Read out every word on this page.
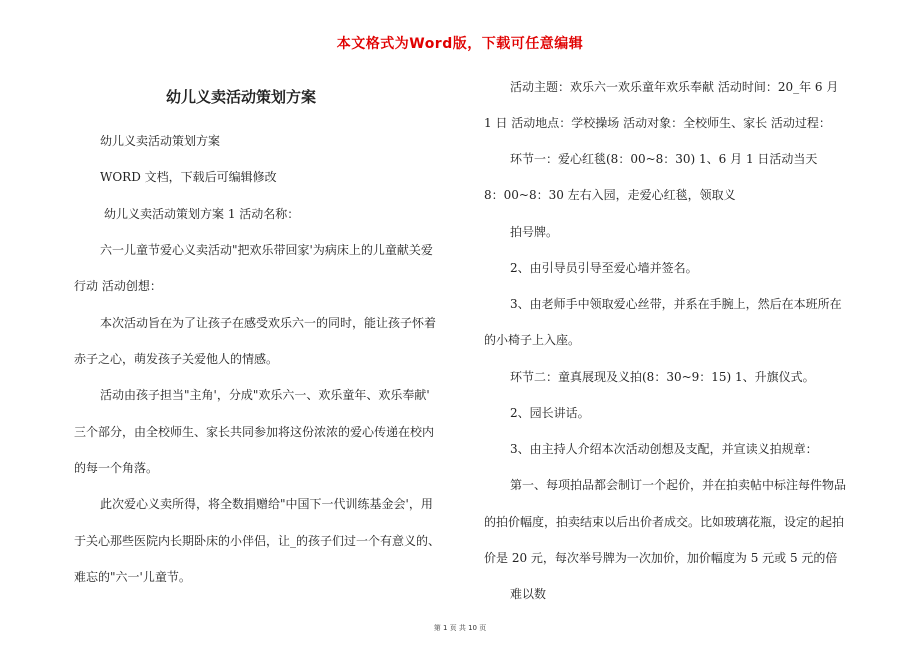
本文格式为Word版，下载可任意编辑
幼儿义卖活动策划方案
幼儿义卖活动策划方案
WORD 文档，下载后可编辑修改
幼儿义卖活动策划方案 1 活动名称：
六一儿童节爱心义卖活动"把欢乐带回家'为病床上的儿童献关爱
行动 活动创想：
本次活动旨在为了让孩子在感受欢乐六一的同时，能让孩子怀着
赤子之心，萌发孩子关爱他人的情感。
活动由孩子担当"主角'，分成"欢乐六一、欢乐童年、欢乐奉献'
三个部分，由全校师生、家长共同参加将这份浓浓的爱心传递在校内
的每一个角落。
此次爱心义卖所得，将全数捐赠给"中国下一代训练基金会'，用
于关心那些医院内长期卧床的小伴侣，让_的孩子们过一个有意义的、
难忘的"六一'儿童节。
活动主题：欢乐六一欢乐童年欢乐奉献 活动时间：20_年 6 月
1 日 活动地点：学校操场 活动对象：全校师生、家长 活动过程：
环节一：爱心红毯(8：00~8：30) 1、6 月 1 日活动当天
8：00~8：30 左右入园，走爱心红毯，领取义
拍号牌。
2、由引导员引导至爱心墙并签名。
3、由老师手中领取爱心丝带，并系在手腕上，然后在本班所在
的小椅子上入座。
环节二：童真展现及义拍(8：30~9：15) 1、升旗仪式。
2、园长讲话。
3、由主持人介绍本次活动创想及支配，并宣读义拍规章：
第一、每项拍品都会制订一个起价，并在拍卖帖中标注每件物品
的拍价幅度，拍卖结束以后出价者成交。比如玻璃花瓶，设定的起拍
价是 20 元，每次举号牌为一次加价，加价幅度为 5 元或 5 元的倍
难以数
第 1 页 共 10 页
